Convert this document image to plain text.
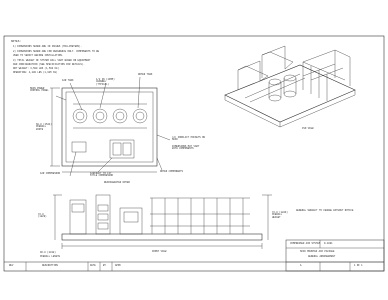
NOTES:
1) DIMENSIONS SHOWN ARE IN INCHES (MILLIMETERS).
2) DIMENSIONS SHOWN ARE FOR REFERENCE ONLY. COMPONENTS TO BE
USED TO VERIFY BEFORE INSTALLATION.
3) TOTAL WEIGHT OF SYSTEM WILL VARY BASED ON EQUIPMENT
AND CONFIGURATION (SEE SPECIFICATION FOR DETAILS).
DRY WEIGHT: 3,500 LBS (1,590 KG)
OPERATING: 4,200 LBS (1,905 KG)
AIR TANK	1/2 IN (13MM) CHANNEL (TYPICAL)
DRYER TANK
MAIN POWER CONTROL PANEL
60.0 (1524) OVERALL WIDTH
(2) FORKLIFT POCKETS ON SKID
DIMENSIONS MAY VARY WITH COMPONENTS
AIR COMPRESSOR	AIRCRAFT TO FIT STYLE COMPRESSOR
REFRIGERATED DRYER
DRYER COMPONENTS
ISO VIEW
72.0 (1829)
72.0 (1829) OVERALL HEIGHT
96.0 (2438)
OVERALL LENGTH
FRONT VIEW
GENERAL SUBJECT TO CHANGE WITHOUT NOTICE
COMPRESSED AIR SYSTEM D-1001
SKID MOUNTED AIR PACKAGE
GENERAL ARRANGEMENT
A	1 OF 1
REV	DESCRIPTION	DATE	BY	APPD
